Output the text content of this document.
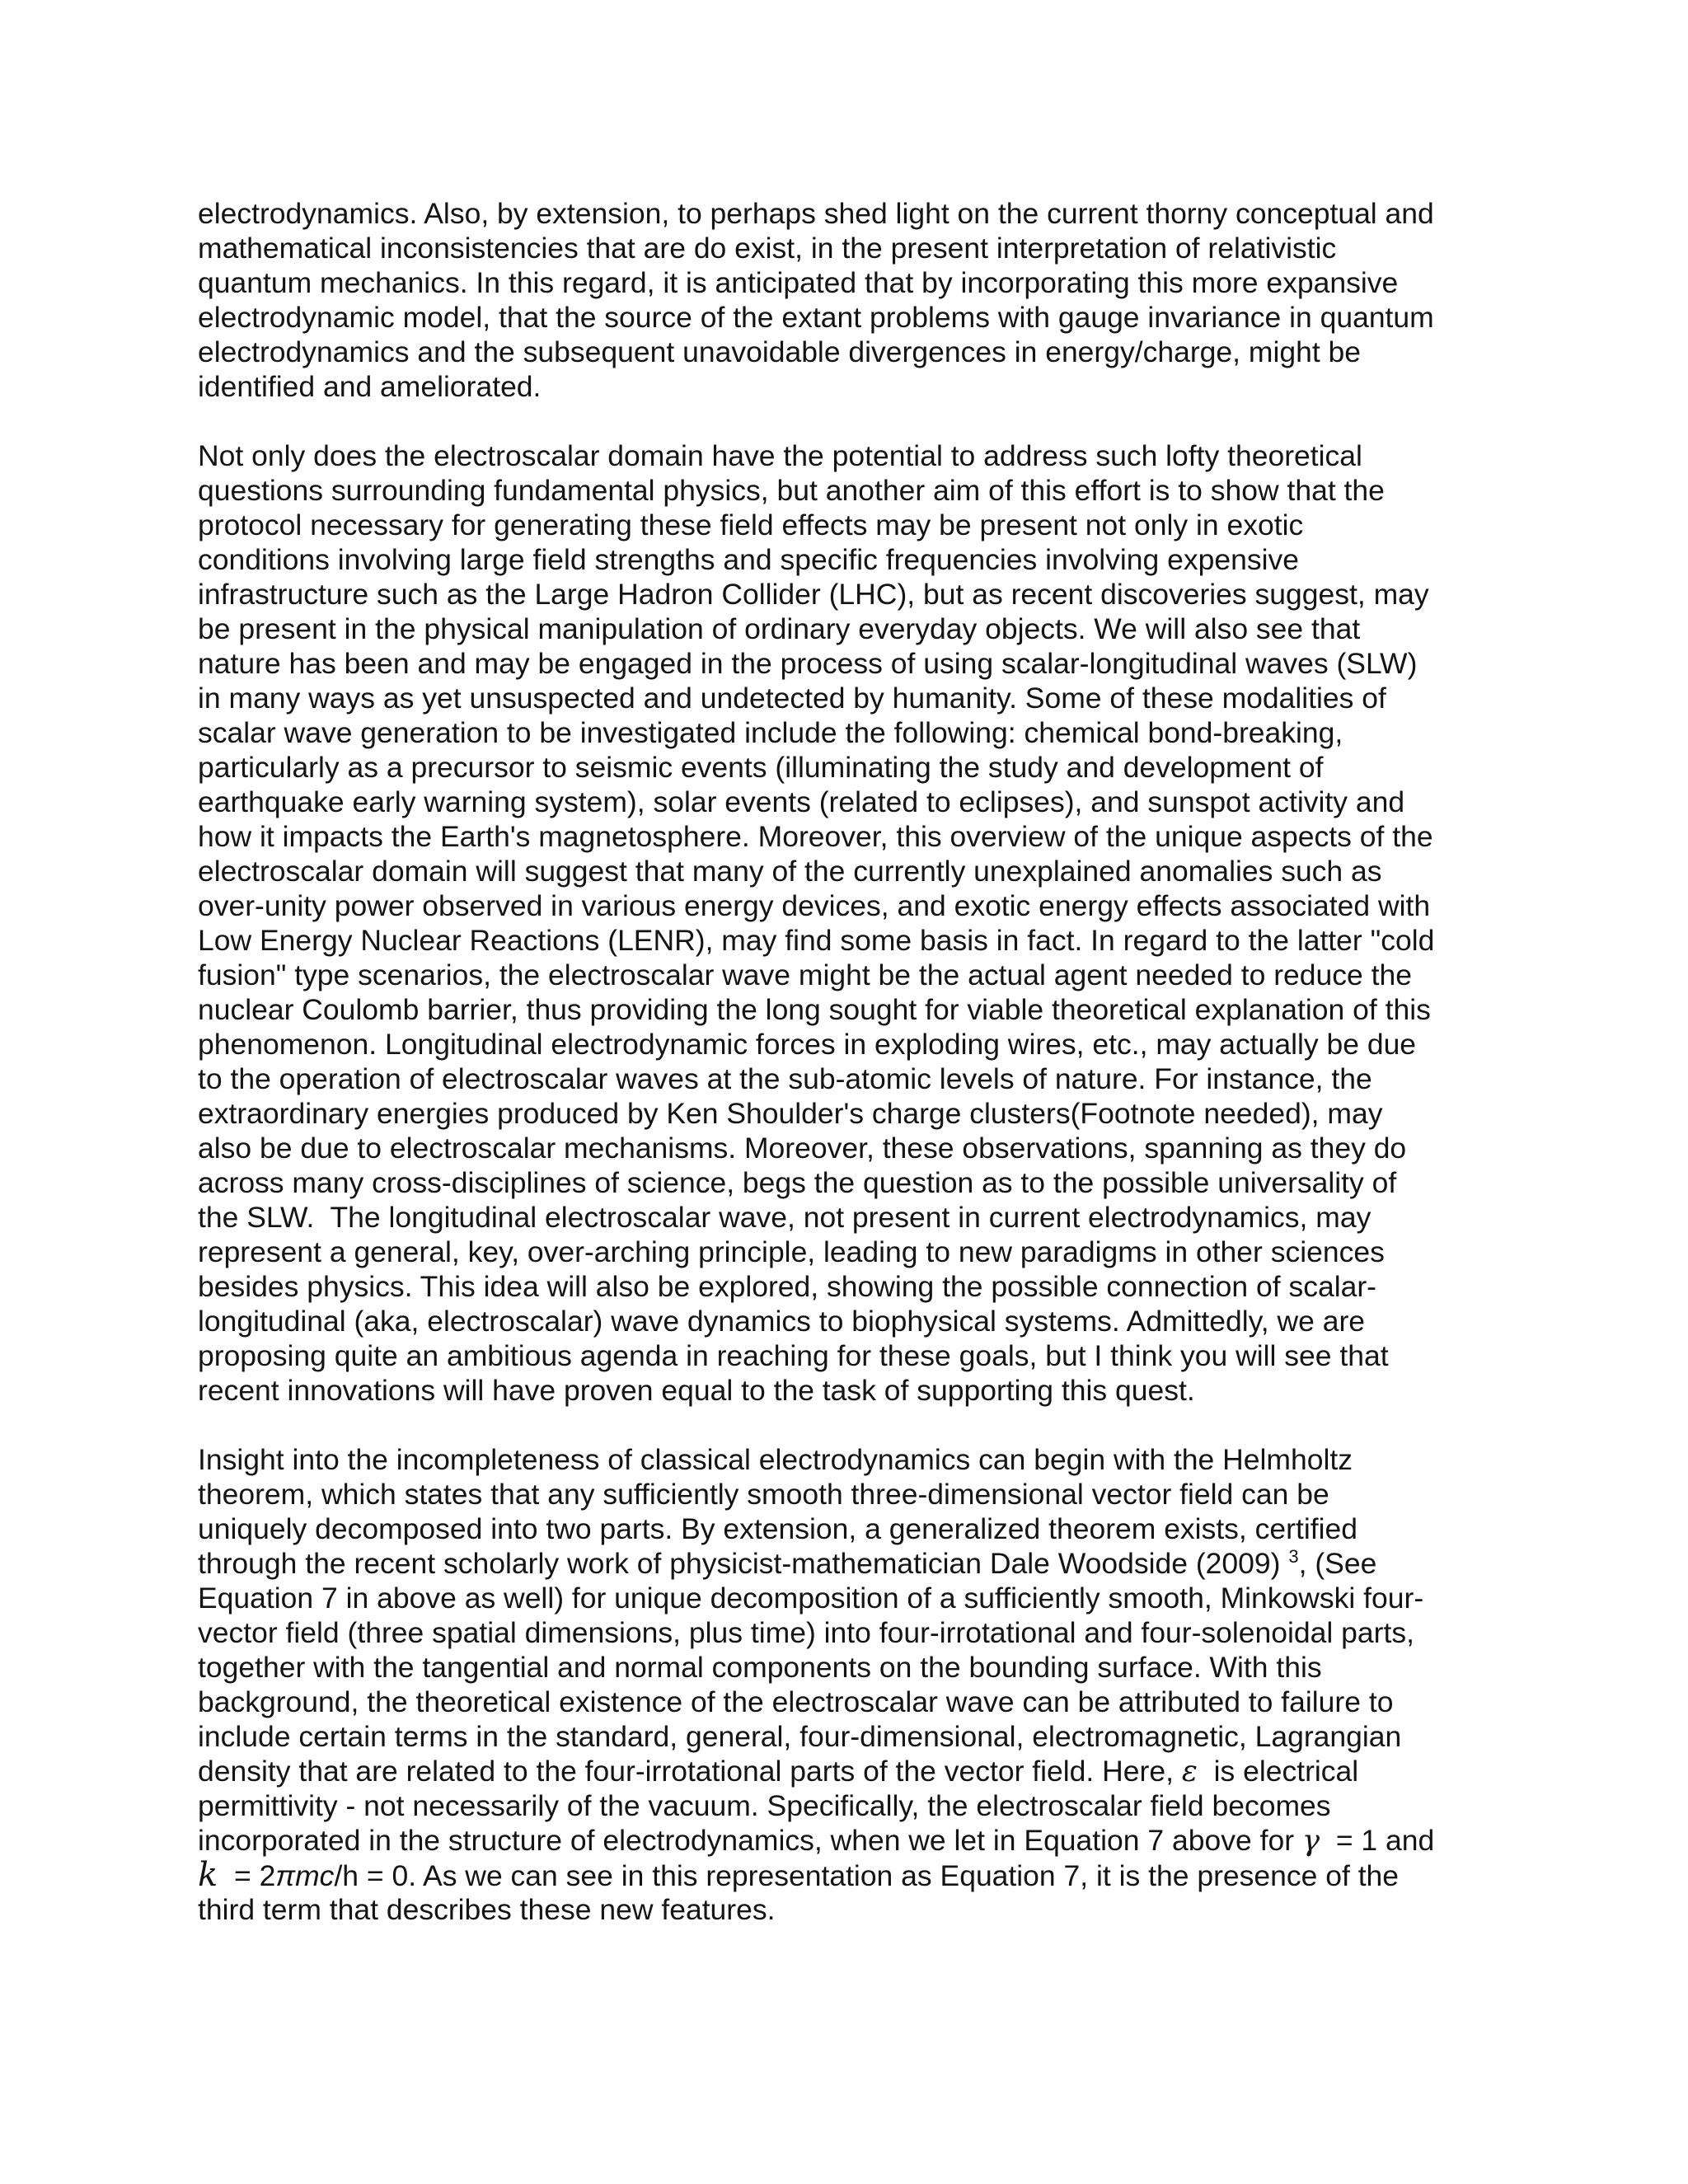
electrodynamics. Also, by extension, to perhaps shed light on the current thorny conceptual and
mathematical inconsistencies that are do exist, in the present interpretation of relativistic
quantum mechanics. In this regard, it is anticipated that by incorporating this more expansive
electrodynamic model, that the source of the extant problems with gauge invariance in quantum
electrodynamics and the subsequent unavoidable divergences in energy/charge, might be
identified and ameliorated.
Not only does the electroscalar domain have the potential to address such lofty theoretical
questions surrounding fundamental physics, but another aim of this effort is to show that the
protocol necessary for generating these field effects may be present not only in exotic
conditions involving large field strengths and specific frequencies involving expensive
infrastructure such as the Large Hadron Collider (LHC), but as recent discoveries suggest, may
be present in the physical manipulation of ordinary everyday objects. We will also see that
nature has been and may be engaged in the process of using scalar-longitudinal waves (SLW)
in many ways as yet unsuspected and undetected by humanity. Some of these modalities of
scalar wave generation to be investigated include the following: chemical bond-breaking,
particularly as a precursor to seismic events (illuminating the study and development of
earthquake early warning system), solar events (related to eclipses), and sunspot activity and
how it impacts the Earth's magnetosphere. Moreover, this overview of the unique aspects of the
electroscalar domain will suggest that many of the currently unexplained anomalies such as
over-unity power observed in various energy devices, and exotic energy effects associated with
Low Energy Nuclear Reactions (LENR), may find some basis in fact. In regard to the latter "cold
fusion" type scenarios, the electroscalar wave might be the actual agent needed to reduce the
nuclear Coulomb barrier, thus providing the long sought for viable theoretical explanation of this
phenomenon. Longitudinal electrodynamic forces in exploding wires, etc., may actually be due
to the operation of electroscalar waves at the sub-atomic levels of nature. For instance, the
extraordinary energies produced by Ken Shoulder's charge clusters(Footnote needed), may
also be due to electroscalar mechanisms. Moreover, these observations, spanning as they do
across many cross-disciplines of science, begs the question as to the possible universality of
the SLW.  The longitudinal electroscalar wave, not present in current electrodynamics, may
represent a general, key, over-arching principle, leading to new paradigms in other sciences
besides physics. This idea will also be explored, showing the possible connection of scalar-
longitudinal (aka, electroscalar) wave dynamics to biophysical systems. Admittedly, we are
proposing quite an ambitious agenda in reaching for these goals, but I think you will see that
recent innovations will have proven equal to the task of supporting this quest.
Insight into the incompleteness of classical electrodynamics can begin with the Helmholtz
theorem, which states that any sufficiently smooth three-dimensional vector field can be
uniquely decomposed into two parts. By extension, a generalized theorem exists, certified
through the recent scholarly work of physicist-mathematician Dale Woodside (2009) $^3$, (See
Equation 7 in above as well) for unique decomposition of a sufficiently smooth, Minkowski four-
vector field (three spatial dimensions, plus time) into four-irrotational and four-solenoidal parts,
together with the tangential and normal components on the bounding surface. With this
background, the theoretical existence of the electroscalar wave can be attributed to failure to
include certain terms in the standard, general, four-dimensional, electromagnetic, Lagrangian
density that are related to the four-irrotational parts of the vector field. Here, ε  is electrical
permittivity - not necessarily of the vacuum. Specifically, the electroscalar field becomes
incorporated in the structure of electrodynamics, when we let in Equation 7 above for γ  = 1 and
k  = 2πmc/h = 0. As we can see in this representation as Equation 7, it is the presence of the
third term that describes these new features.
